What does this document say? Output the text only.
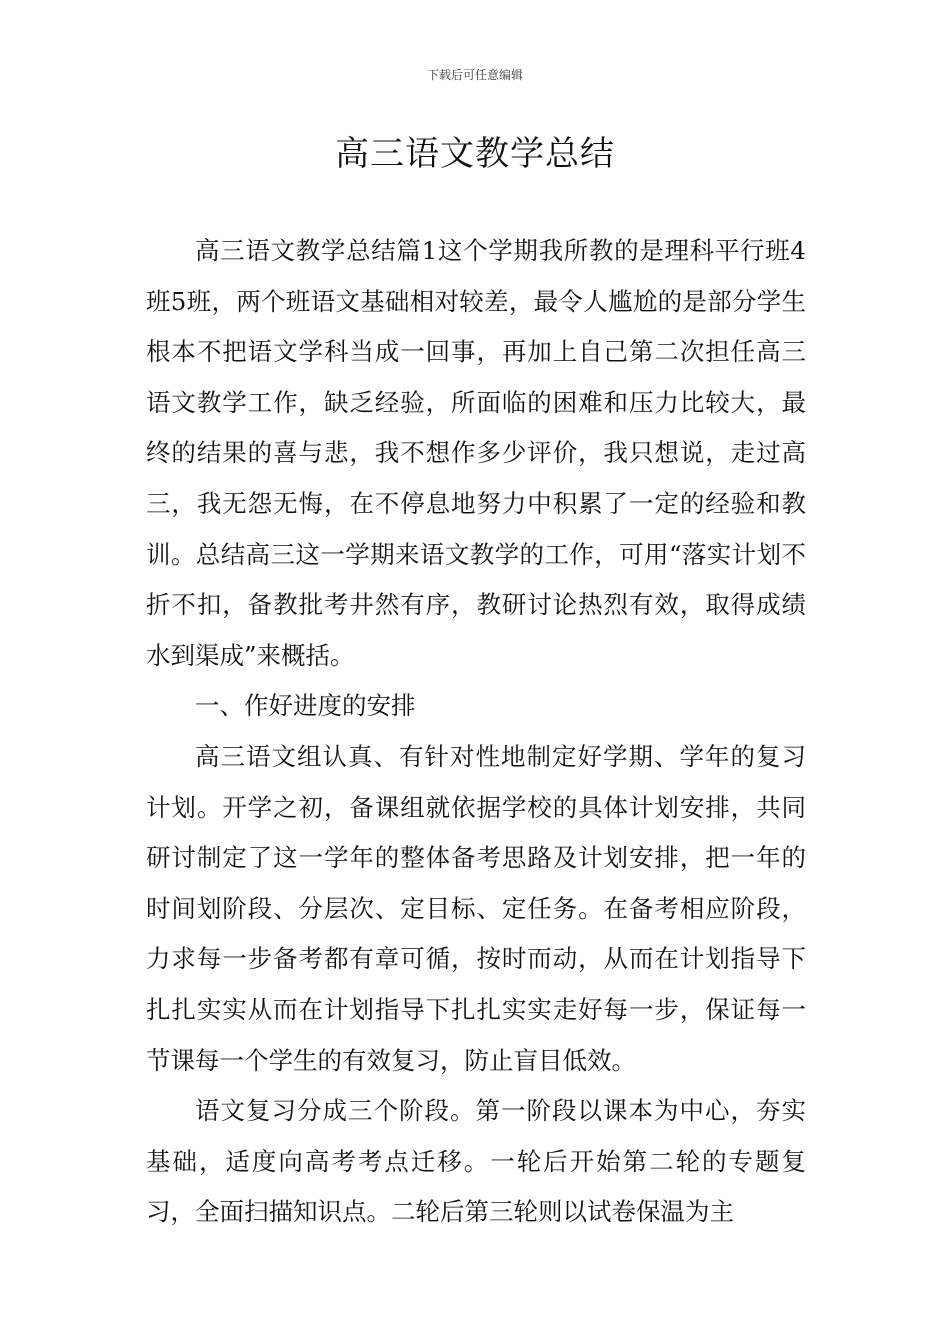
下载后可任意编辑
高三语文教学总结

高三语文教学总结篇1这个学期我所教的是理科平行班4班5班，两个班语文基础相对较差，最令人尴尬的是部分学生根本不把语文学科当成一回事，再加上自己第二次担任高三语文教学工作，缺乏经验，所面临的困难和压力比较大，最终的结果的喜与悲，我不想作多少评价，我只想说，走过高三，我无怨无悔，在不停息地努力中积累了一定的经验和教训。总结高三这一学期来语文教学的工作，可用“落实计划不折不扣，备教批考井然有序，教研讨论热烈有效，取得成绩水到渠成”来概括。

一、作好进度的安排

高三语文组认真、有针对性地制定好学期、学年的复习计划。开学之初，备课组就依据学校的具体计划安排，共同研讨制定了这一学年的整体备考思路及计划安排，把一年的时间划阶段、分层次、定目标、定任务。在备考相应阶段，力求每一步备考都有章可循，按时而动，从而在计划指导下扎扎实实从而在计划指导下扎扎实实走好每一步，保证每一节课每一个学生的有效复习，防止盲目低效。

语文复习分成三个阶段。第一阶段以课本为中心，夯实基础，适度向高考考点迁移。一轮后开始第二轮的专题复习，全面扫描知识点。二轮后第三轮则以试卷保温为主
